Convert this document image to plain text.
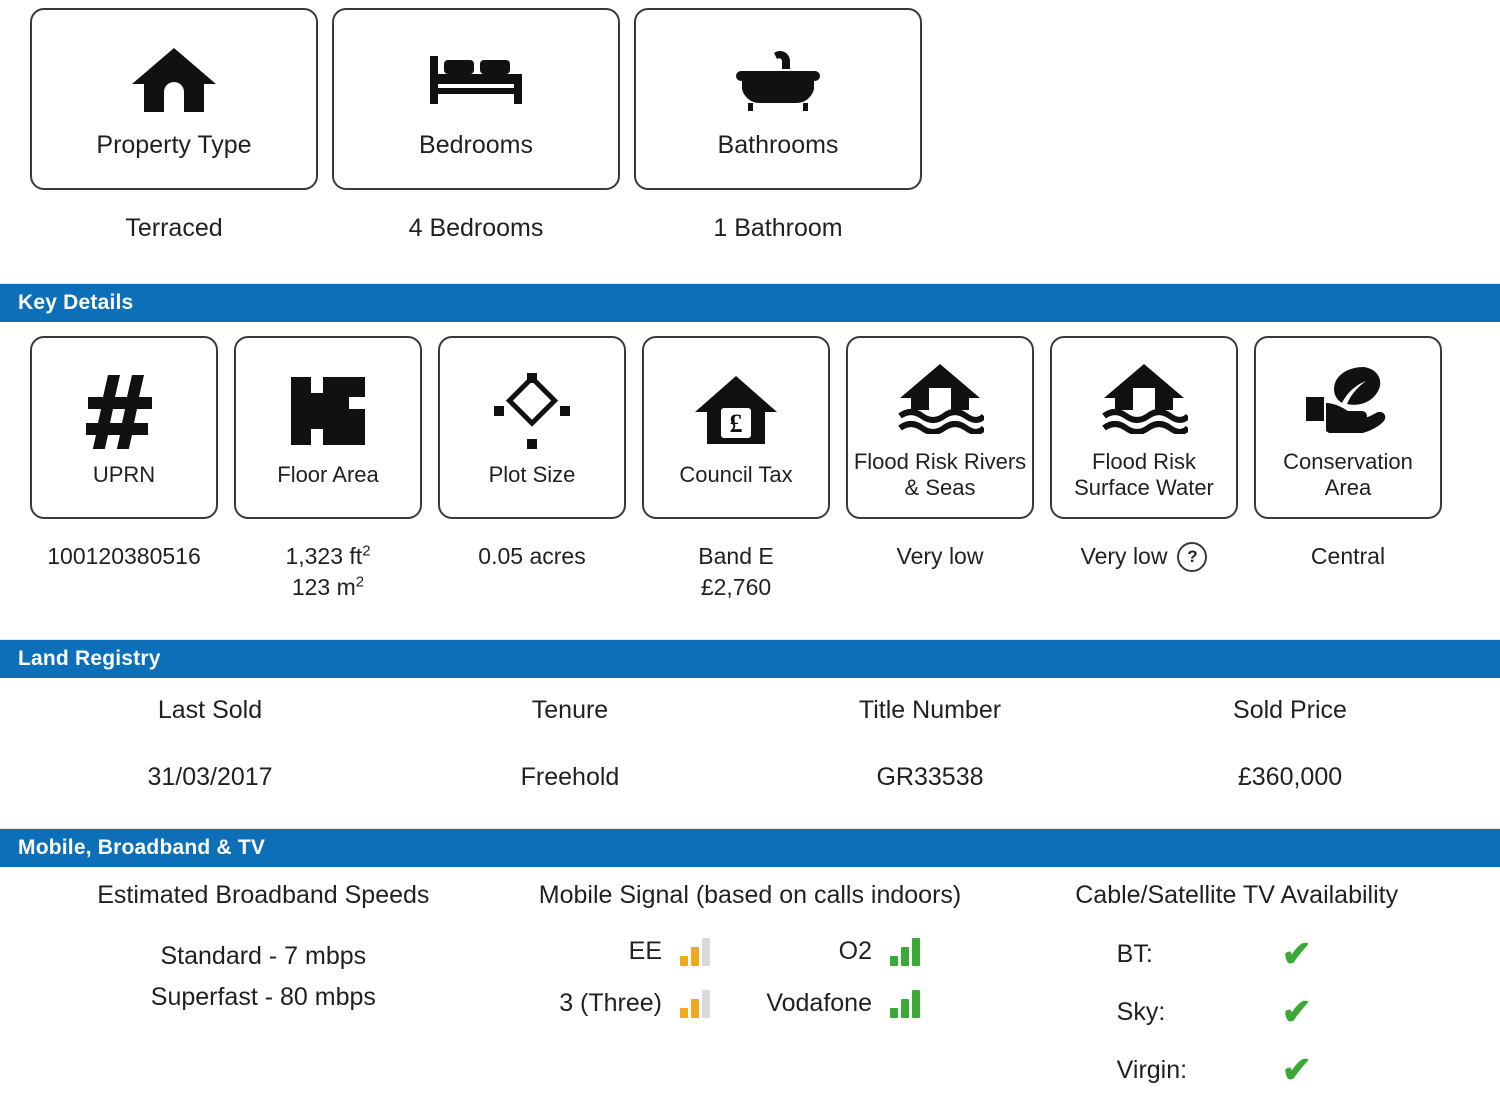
Property Type
Terraced
Bedrooms
4 Bedrooms
Bathrooms
1 Bathroom
Key Details
UPRN
100120380516
Floor Area
1,323 $ft^2$
123 $m^2$
Plot Size
0.05 acres
£
Council Tax
Band E
£2,760
Flood Risk Rivers & Seas
Very low
Flood Risk Surface Water
Very low	?
Conservation Area
Central
Land Registry
Last Sold
31/03/2017
Tenure
Freehold
Title Number
GR33538
Sold Price
£360,000
Mobile, Broadband & TV
Estimated Broadband Speeds
Standard - 7 mbps
Superfast - 80 mbps
Mobile Signal (based on calls indoors)
EE	O2
3 (Three)	Vodafone
Cable/Satellite TV Availability
BT:	✔
Sky:	✔
Virgin:	✔
